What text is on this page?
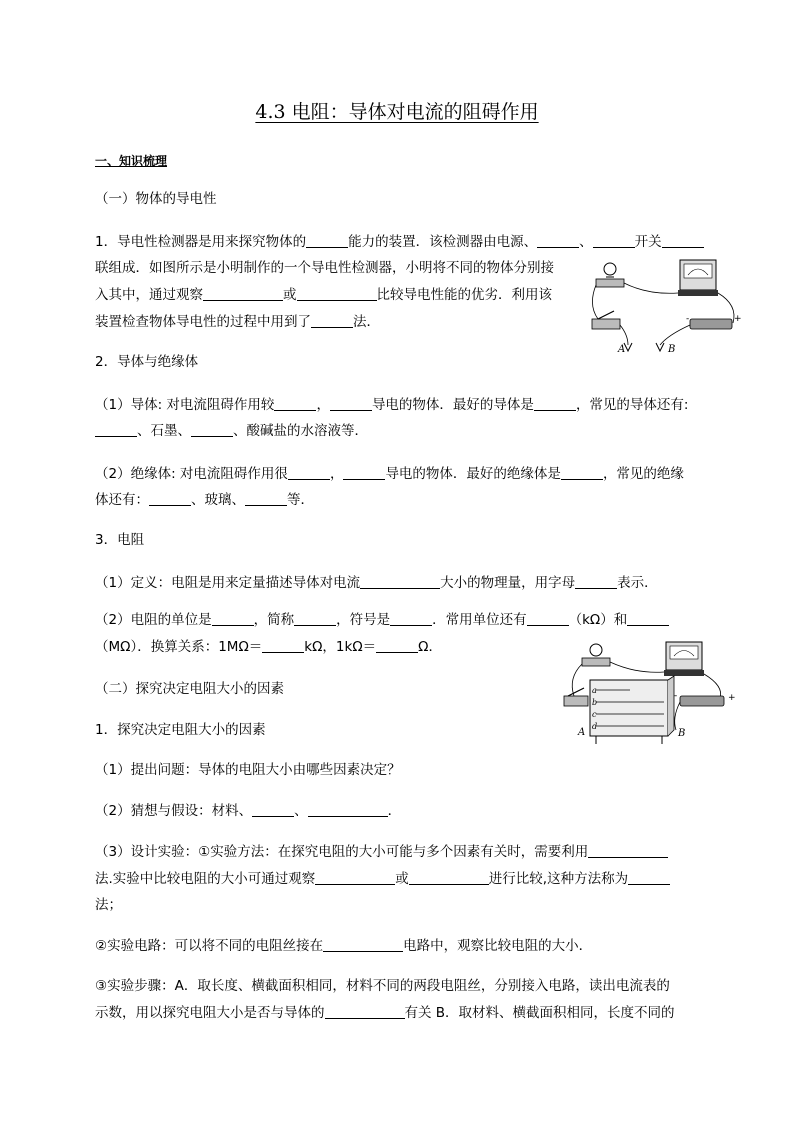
4.3 电阻：导体对电流的阻碍作用
一、知识梳理
（一）物体的导电性
1．导电性检测器是用来探究物体的	能力的装置．该检测器由电源、	、	开关
联组成．如图所示是小明制作的一个导电性检测器，小明将不同的物体分别接
入其中，通过观察	或	比较导电性能的优劣．利用该
装置检查物体导电性的过程中用到了	法．
2．导体与绝缘体
（1）导体: 对电流阻碍作用较	，	导电的物体．最好的导体是	，常见的导体还有:
、石墨、	、酸碱盐的水溶液等．
（2）绝缘体: 对电流阻碍作用很	，	导电的物体．最好的绝缘体是	，常见的绝缘
体还有：	、玻璃、	等．
3．电阻
（1）定义：电阻是用来定量描述导体对电流	大小的物理量，用字母	表示．
（2）电阻的单位是	，简称	，符号是	．常用单位还有	（kΩ）和
（MΩ）．换算关系：1MΩ＝	kΩ，1kΩ＝	Ω．
（二）探究决定电阻大小的因素
1．探究决定电阻大小的因素
（1）提出问题：导体的电阻大小由哪些因素决定？
（2）猜想与假设：材料、	、	．
（3）设计实验：①实验方法：在探究电阻的大小可能与多个因素有关时，需要利用
法.实验中比较电阻的大小可通过观察	或	进行比较,这种方法称为
法；
②实验电路：可以将不同的电阻丝接在	电路中，观察比较电阻的大小．
③实验步骤：A．取长度、横截面积相同，材料不同的两段电阻丝，分别接入电路，读出电流表的
示数，用以探究电阻大小是否与导体的	有关 B．取材料、横截面积相同，长度不同的
-	+
A	B
-	+
a
b
c
d
A	B
